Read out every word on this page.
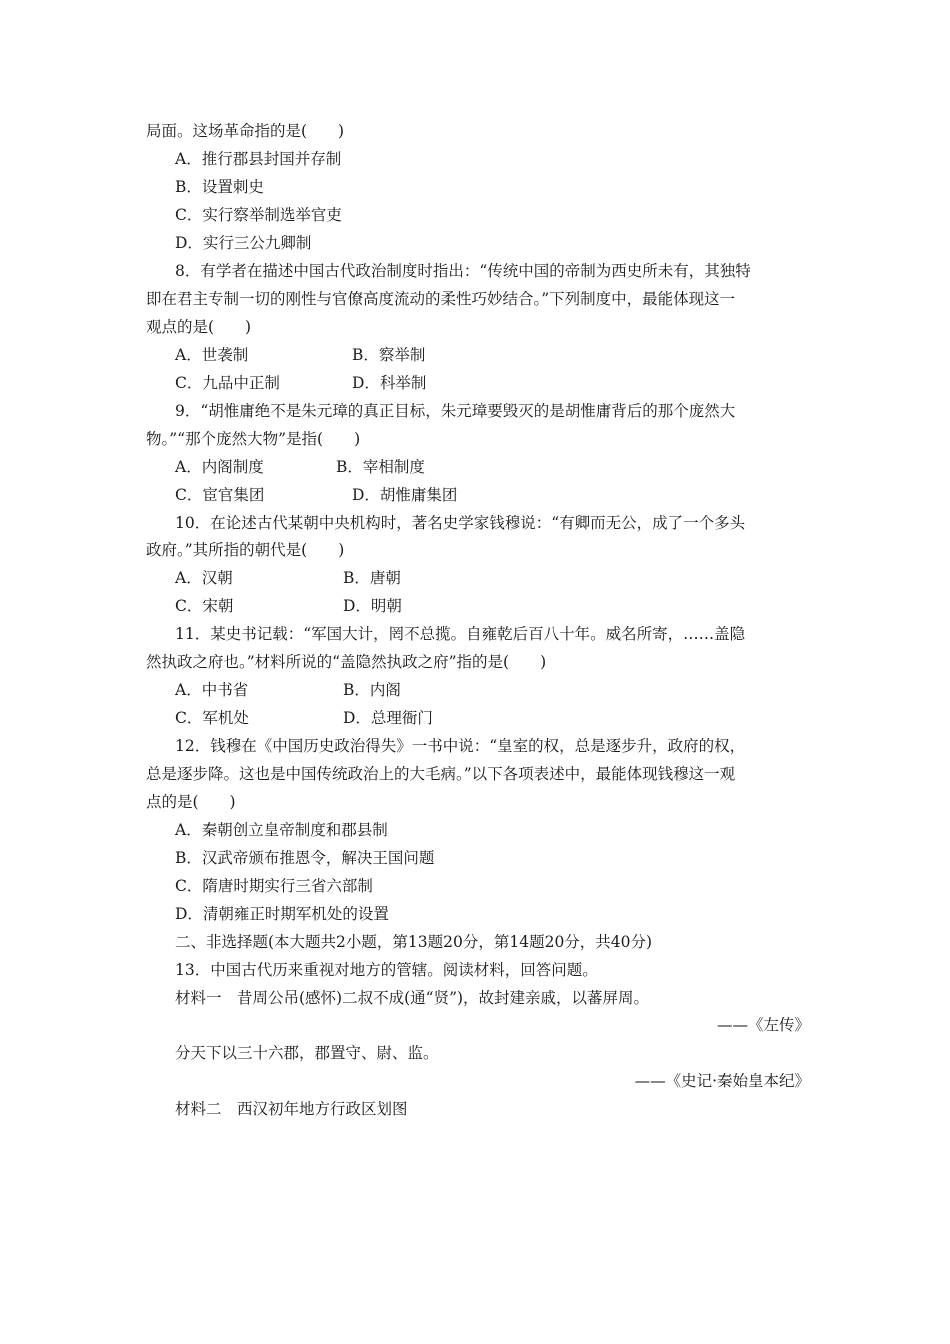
局面。这场革命指的是(　　)
A．推行郡县封国并存制
B．设置刺史
C．实行察举制选举官吏
D．实行三公九卿制
8．有学者在描述中国古代政治制度时指出：“传统中国的帝制为西史所未有，其独特
即在君主专制一切的刚性与官僚高度流动的柔性巧妙结合。”下列制度中，最能体现这一
观点的是(　　)
A．世袭制	B．察举制
C．九品中正制	D．科举制
9．“胡惟庸绝不是朱元璋的真正目标，朱元璋要毁灭的是胡惟庸背后的那个庞然大
物。”“那个庞然大物”是指(　　)
A．内阁制度	B．宰相制度
C．宦官集团	D．胡惟庸集团
10．在论述古代某朝中央机构时，著名史学家钱穆说：“有卿而无公，成了一个多头
政府。”其所指的朝代是(　　)
A．汉朝	B．唐朝
C．宋朝	D．明朝
11．某史书记载：“军国大计，罔不总揽。自雍乾后百八十年。威名所寄，……盖隐
然执政之府也。”材料所说的“盖隐然执政之府”指的是(　　)
A．中书省	B．内阁
C．军机处	D．总理衙门
12．钱穆在《中国历史政治得失》一书中说：“皇室的权，总是逐步升，政府的权，
总是逐步降。这也是中国传统政治上的大毛病。”以下各项表述中，最能体现钱穆这一观
点的是(　　)
A．秦朝创立皇帝制度和郡县制
B．汉武帝颁布推恩令，解决王国问题
C．隋唐时期实行三省六部制
D．清朝雍正时期军机处的设置
二、非选择题(本大题共2小题，第13题20分，第14题20分，共40分)
13．中国古代历来重视对地方的管辖。阅读材料，回答问题。
材料一　昔周公吊(感怀)二叔不成(通“贤”)，故封建亲戚，以蕃屏周。
——《左传》
分天下以三十六郡，郡置守、尉、监。
——《史记·秦始皇本纪》
材料二　西汉初年地方行政区划图
